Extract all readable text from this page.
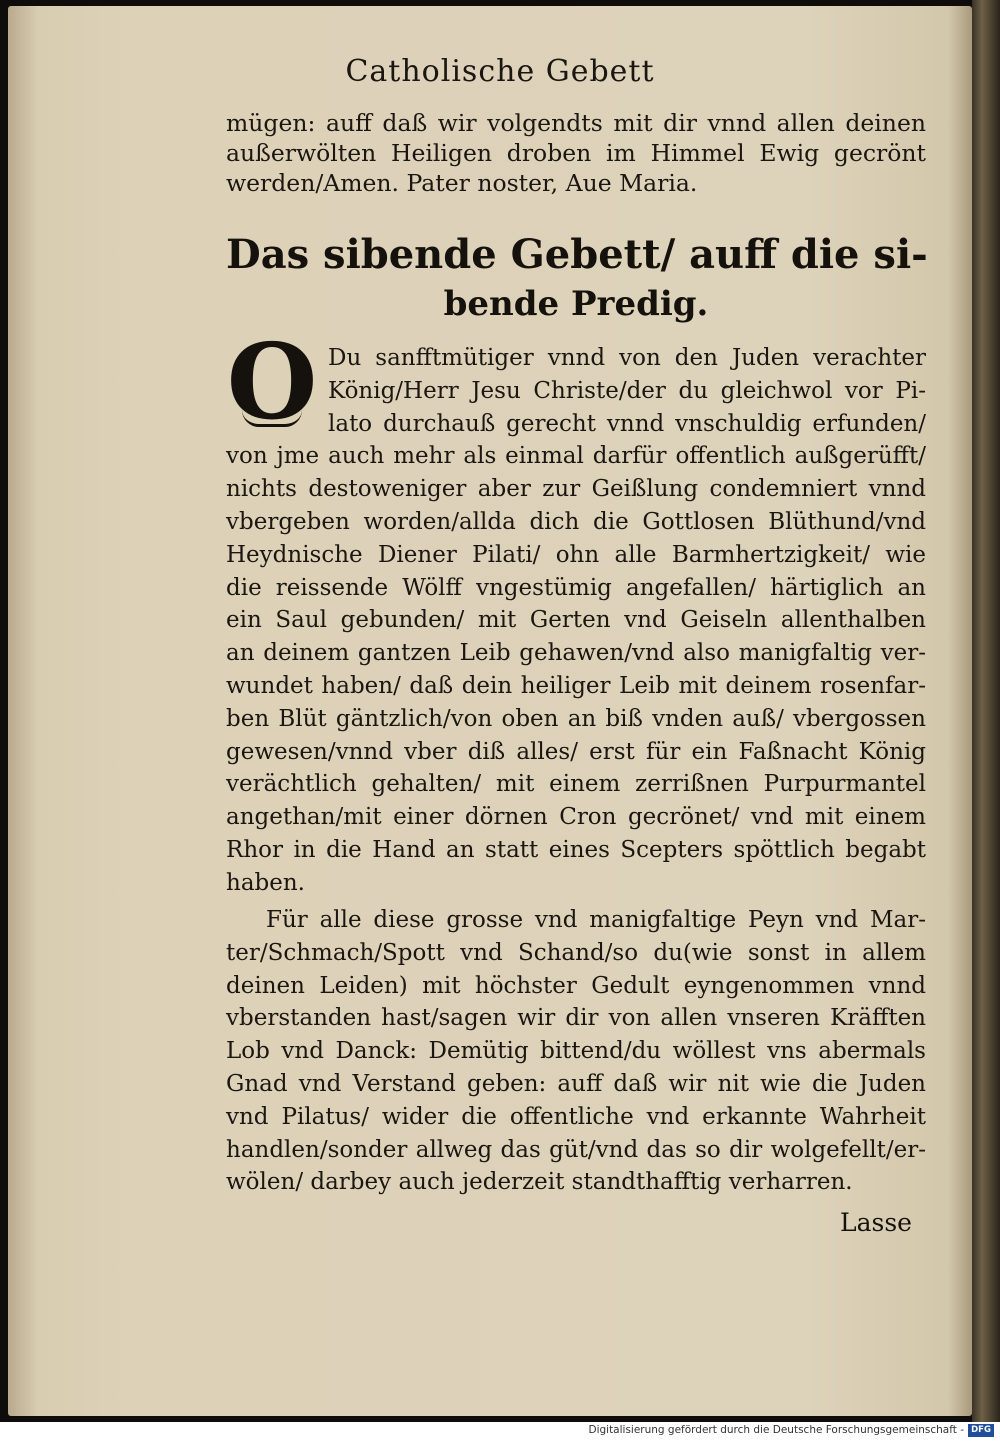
Catholische Gebett
mügen: auff daß wir volgendts mit dir vnnd allen deinen
außerwölten Heiligen droben im Himmel Ewig gecrönt
werden/Amen. Pater noster, Aue Maria.
Das sibende Gebett/ auff die si-
bende Predig.
O Du sanfftmütiger vnnd von den Juden verachter
König/Herr Jesu Christe/der du gleichwol vor Pi-
lato durchauß gerecht vnnd vnschuldig erfunden/
von jme auch mehr als einmal darfür offentlich außgerüfft/
nichts destoweniger aber zur Geißlung condemniert vnnd
vbergeben worden/allda dich die Gottlosen Blüthund/vnd
Heydnische Diener Pilati/ ohn alle Barmhertzigkeit/ wie
die reissende Wölff vngestümig angefallen/ härtiglich an
ein Saul gebunden/ mit Gerten vnd Geiseln allenthalben
an deinem gantzen Leib gehawen/vnd also manigfaltig ver-
wundet haben/ daß dein heiliger Leib mit deinem rosenfar-
ben Blüt gäntzlich/von oben an biß vnden auß/ vbergossen
gewesen/vnnd vber diß alles/ erst für ein Faßnacht König
verächtlich gehalten/ mit einem zerrißnen Purpurmantel
angethan/mit einer dörnen Cron gecrönet/ vnd mit einem
Rhor in die Hand an statt eines Scepters spöttlich begabt
haben.
Für alle diese grosse vnd manigfaltige Peyn vnd Mar-
ter/Schmach/Spott vnd Schand/so du(wie sonst in allem
deinen Leiden) mit höchster Gedult eyngenommen vnnd
vberstanden hast/sagen wir dir von allen vnseren Kräfften
Lob vnd Danck: Demütig bittend/du wöllest vns abermals
Gnad vnd Verstand geben: auff daß wir nit wie die Juden
vnd Pilatus/ wider die offentliche vnd erkannte Wahrheit
handlen/sonder allweg das güt/vnd das so dir wolgefellt/er-
wölen/ darbey auch jederzeit standthafftig verharren.
Lasse
Digitalisierung gefördert durch die Deutsche Forschungsgemeinschaft - DFG
